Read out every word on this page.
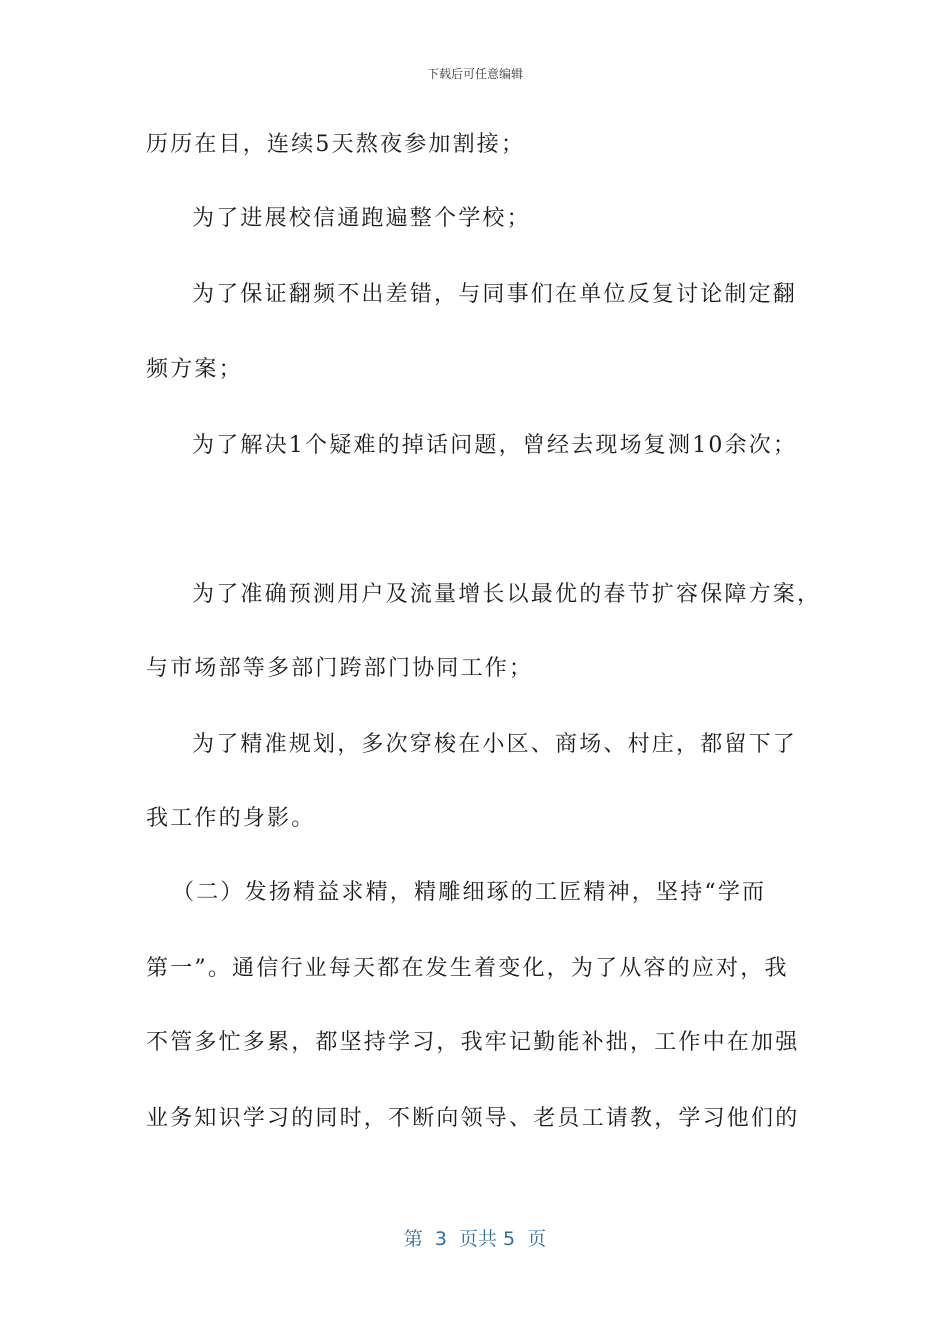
下载后可任意编辑
历历在目，连续5天熬夜参加割接；
为了进展校信通跑遍整个学校；
为了保证翻频不出差错，与同事们在单位反复讨论制定翻
频方案；
为了解决1个疑难的掉话问题，曾经去现场复测10余次；
为了准确预测用户及流量增长以最优的春节扩容保障方案，
与市场部等多部门跨部门协同工作；
为了精准规划，多次穿梭在小区、商场、村庄，都留下了
我工作的身影。
（二）发扬精益求精，精雕细琢的工匠精神，坚持“学而
第一”。通信行业每天都在发生着变化，为了从容的应对，我
不管多忙多累，都坚持学习，我牢记勤能补拙，工作中在加强
业务知识学习的同时，不断向领导、老员工请教，学习他们的
第  3  页共 5  页
